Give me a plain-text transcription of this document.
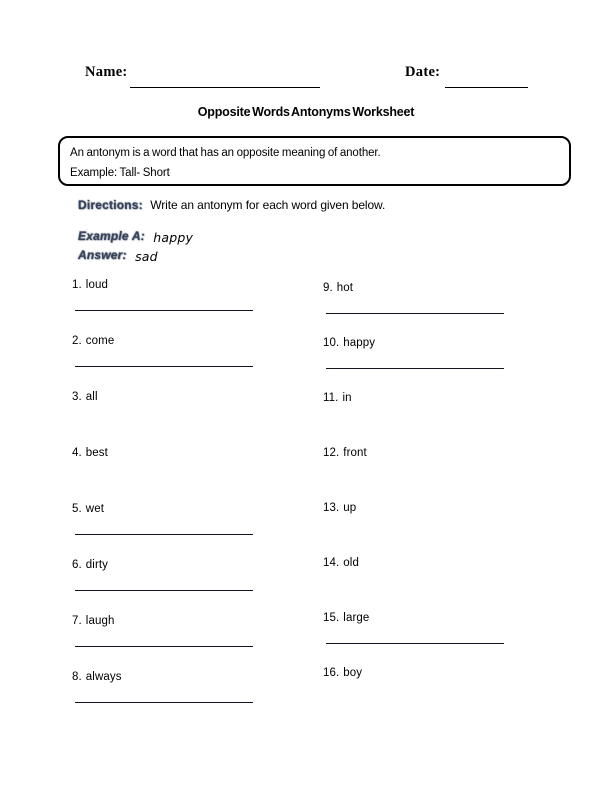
Name:	Date:
Opposite Words Antonyms Worksheet
An antonym is a word that has an opposite meaning of another.
Example: Tall- Short
Directions: Write an antonym for each word given below.
Example A: happy
Answer: sad
1. loud
2. come
3. all
4. best
5. wet
6. dirty
7. laugh
8. always
9. hot
10. happy
11. in
12. front
13. up
14. old
15. large
16. boy
